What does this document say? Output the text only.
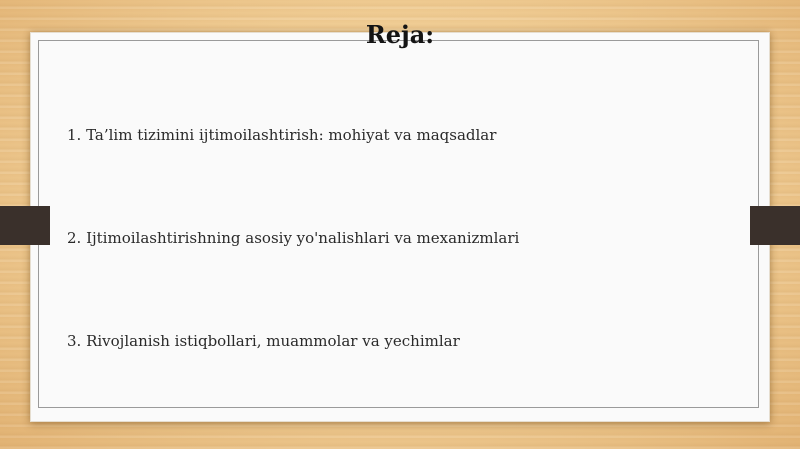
Reja:
1. Ta’lim tizimini ijtimoilashtirish: mohiyat va maqsadlar
2. Ijtimoilashtirishning asosiy yo'nalishlari va mexanizmlari
3. Rivojlanish istiqbollari, muammolar va yechimlar
